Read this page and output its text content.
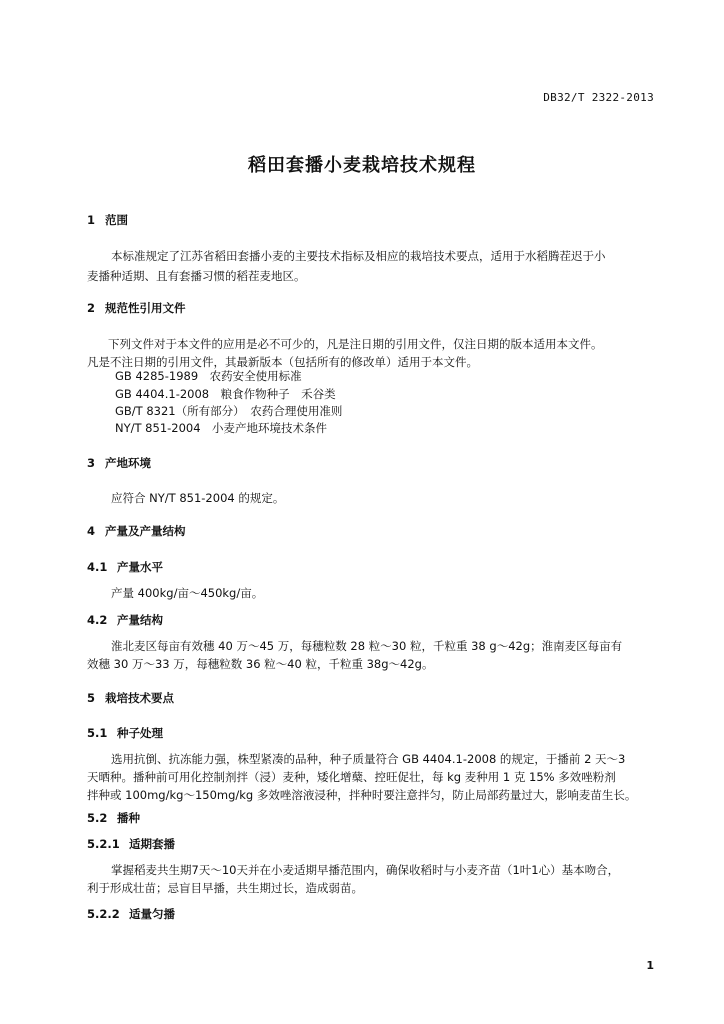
DB32/T 2322-2013
稻田套播小麦栽培技术规程
1 范围
本标准规定了江苏省稻田套播小麦的主要技术指标及相应的栽培技术要点，适用于水稻腾茬迟于小
麦播种适期、且有套播习惯的稻茬麦地区。
2 规范性引用文件
下列文件对于本文件的应用是必不可少的，凡是注日期的引用文件，仅注日期的版本适用本文件。
凡是不注日期的引用文件，其最新版本（包括所有的修改单）适用于本文件。
GB 4285-1989　农药安全使用标准
GB 4404.1-2008　粮食作物种子　禾谷类
GB/T 8321（所有部分）　农药合理使用准则
NY/T 851-2004　小麦产地环境技术条件
3 产地环境
应符合 NY/T 851-2004 的规定。
4 产量及产量结构
4.1 产量水平
产量 400kg/亩～450kg/亩。
4.2 产量结构
淮北麦区每亩有效穗 40 万～45 万，每穗粒数 28 粒～30 粒，千粒重 38 g～42g；淮南麦区每亩有
效穗 30 万～33 万，每穗粒数 36 粒～40 粒，千粒重 38g～42g。
5 栽培技术要点
5.1 种子处理
选用抗倒、抗冻能力强，株型紧凑的品种，种子质量符合 GB 4404.1-2008 的规定，于播前 2 天～3
天晒种。播种前可用化控制剂拌（浸）麦种，矮化增蘖、控旺促壮，每 kg 麦种用 1 克 15% 多效唑粉剂
拌种或 100mg/kg～150mg/kg 多效唑溶液浸种，拌种时要注意拌匀，防止局部药量过大，影响麦苗生长。
5.2 播种
5.2.1 适期套播
掌握稻麦共生期7天～10天并在小麦适期早播范围内，确保收稻时与小麦齐苗（1叶1心）基本吻合，
利于形成壮苗；忌盲目早播，共生期过长，造成弱苗。
5.2.2 适量匀播
1
